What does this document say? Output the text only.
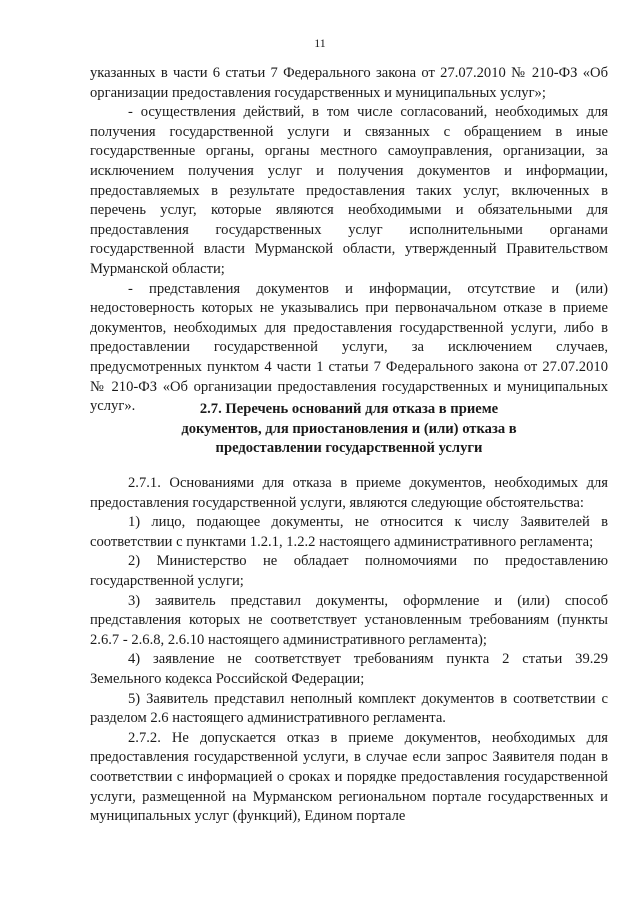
11

указанных в части 6 статьи 7 Федерального закона от 27.07.2010 № 210-ФЗ «Об организации предоставления государственных и муниципальных услуг»;

- осуществления действий, в том числе согласований, необходимых для получения государственной услуги и связанных с обращением в иные государственные органы, органы местного самоуправления, организации, за исключением получения услуг и получения документов и информации, предоставляемых в результате предоставления таких услуг, включенных в перечень услуг, которые являются необходимыми и обязательными для предоставления государственных услуг исполнительными органами государственной власти Мурманской области, утвержденный Правительством Мурманской области;

- представления документов и информации, отсутствие и (или) недостоверность которых не указывались при первоначальном отказе в приеме документов, необходимых для предоставления государственной услуги, либо в предоставлении государственной услуги, за исключением случаев, предусмотренных пунктом 4 части 1 статьи 7 Федерального закона от 27.07.2010 № 210-ФЗ «Об организации предоставления государственных и муниципальных услуг».	2.7. Перечень оснований для отказа в приеме
документов, для приостановления и (или) отказа в
предоставлении государственной услуги

2.7.1. Основаниями для отказа в приеме документов, необходимых для предоставления государственной услуги, являются следующие обстоятельства:

1) лицо, подающее документы, не относится к числу Заявителей в соответствии с пунктами 1.2.1, 1.2.2 настоящего административного регламента;

2) Министерство не обладает полномочиями по предоставлению государственной услуги;

3) заявитель представил документы, оформление и (или) способ представления которых не соответствует установленным требованиям (пункты 2.6.7 - 2.6.8, 2.6.10 настоящего административного регламента);

4) заявление не соответствует требованиям пункта 2 статьи 39.29 Земельного кодекса Российской Федерации;

5) Заявитель представил неполный комплект документов в соответствии с разделом 2.6 настоящего административного регламента.

2.7.2. Не допускается отказ в приеме документов, необходимых для предоставления государственной услуги, в случае если запрос Заявителя подан в соответствии с информацией о сроках и порядке предоставления государственной услуги, размещенной на Мурманском региональном портале государственных и муниципальных услуг (функций), Едином портале
